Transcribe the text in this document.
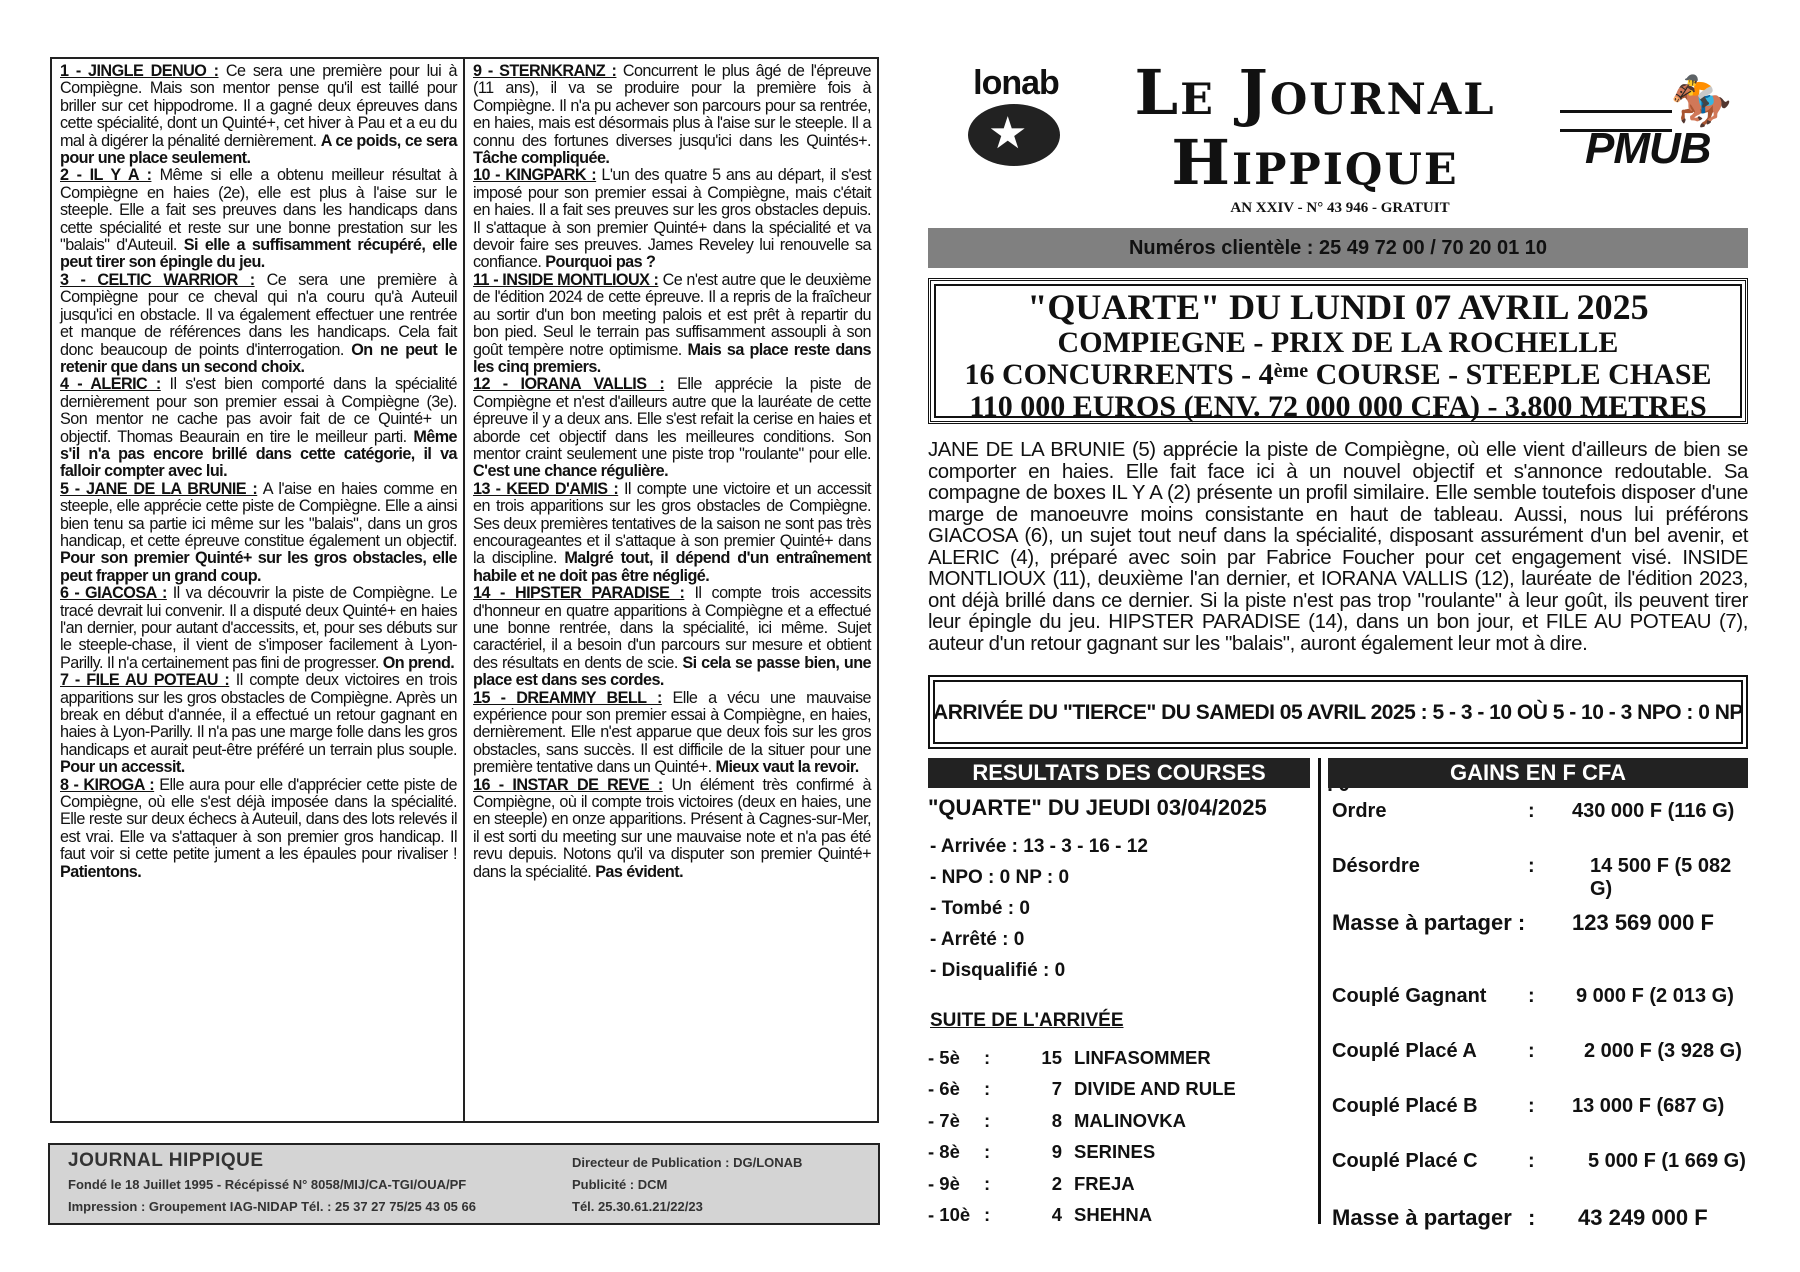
1 - JINGLE DENUO : Ce sera une première pour lui à Compiègne. Mais son mentor pense qu'il est taillé pour briller sur cet hippodrome. Il a gagné deux épreuves dans cette spécialité, dont un Quinté+, cet hiver à Pau et a eu du mal à digérer la pénalité dernièrement. A ce poids, ce sera pour une place seulement.

2 - IL Y A : Même si elle a obtenu meilleur résultat à Compiègne en haies (2e), elle est plus à l'aise sur le steeple. Elle a fait ses preuves dans les handicaps dans cette spécialité et reste sur une bonne prestation sur les "balais" d'Auteuil. Si elle a suffisamment récupéré, elle peut tirer son épingle du jeu.

3 - CELTIC WARRIOR : Ce sera une première à Compiègne pour ce cheval qui n'a couru qu'à Auteuil jusqu'ici en obstacle. Il va également effectuer une rentrée et manque de références dans les handicaps. Cela fait donc beaucoup de points d'interrogation. On ne peut le retenir que dans un second choix.

4 - ALERIC : Il s'est bien comporté dans la spécialité dernièrement pour son premier essai à Compiègne (3e). Son mentor ne cache pas avoir fait de ce Quinté+ un objectif. Thomas Beaurain en tire le meilleur parti. Même s'il n'a pas encore brillé dans cette catégorie, il va falloir compter avec lui.

5 - JANE DE LA BRUNIE : A l'aise en haies comme en steeple, elle apprécie cette piste de Compiègne. Elle a ainsi bien tenu sa partie ici même sur les "balais", dans un gros handicap, et cette épreuve constitue également un objectif. Pour son premier Quinté+ sur les gros obstacles, elle peut frapper un grand coup.

6 - GIACOSA : Il va découvrir la piste de Compiègne. Le tracé devrait lui convenir. Il a disputé deux Quinté+ en haies l'an dernier, pour autant d'accessits, et, pour ses débuts sur le steeple-chase, il vient de s'imposer facilement à Lyon-Parilly. Il n'a certainement pas fini de progresser. On prend.

7 - FILE AU POTEAU : Il compte deux victoires en trois apparitions sur les gros obstacles de Compiègne. Après un break en début d'année, il a effectué un retour gagnant en haies à Lyon-Parilly. Il n'a pas une marge folle dans les gros handicaps et aurait peut-être préféré un terrain plus souple. Pour un accessit.

8 - KIROGA : Elle aura pour elle d'apprécier cette piste de Compiègne, où elle s'est déjà imposée dans la spécialité. Elle reste sur deux échecs à Auteuil, dans des lots relevés il est vrai. Elle va s'attaquer à son premier gros handicap. Il faut voir si cette petite jument a les épaules pour rivaliser ! Patientons.

9 - STERNKRANZ : Concurrent le plus âgé de l'épreuve (11 ans), il va se produire pour la première fois à Compiègne. Il n'a pu achever son parcours pour sa rentrée, en haies, mais est désormais plus à l'aise sur le steeple. Il a connu des fortunes diverses jusqu'ici dans les Quintés+. Tâche compliquée.

10 - KINGPARK : L'un des quatre 5 ans au départ, il s'est imposé pour son premier essai à Compiègne, mais c'était en haies. Il a fait ses preuves sur les gros obstacles depuis. Il s'attaque à son premier Quinté+ dans la spécialité et va devoir faire ses preuves. James Reveley lui renouvelle sa confiance. Pourquoi pas ?

11 - INSIDE MONTLIOUX : Ce n'est autre que le deuxième de l'édition 2024 de cette épreuve. Il a repris de la fraîcheur au sortir d'un bon meeting palois et est prêt à repartir du bon pied. Seul le terrain pas suffisamment assoupli à son goût tempère notre optimisme. Mais sa place reste dans les cinq premiers.

12 - IORANA VALLIS : Elle apprécie la piste de Compiègne et n'est d'ailleurs autre que la lauréate de cette épreuve il y a deux ans. Elle s'est refait la cerise en haies et aborde cet objectif dans les meilleures conditions. Son mentor craint seulement une piste trop "roulante" pour elle. C'est une chance régulière.

13 - KEED D'AMIS : Il compte une victoire et un accessit en trois apparitions sur les gros obstacles de Compiègne. Ses deux premières tentatives de la saison ne sont pas très encourageantes et il s'attaque à son premier Quinté+ dans la discipline. Malgré tout, il dépend d'un entraînement habile et ne doit pas être négligé.

14 - HIPSTER PARADISE : Il compte trois accessits d'honneur en quatre apparitions à Compiègne et a effectué une bonne rentrée, dans la spécialité, ici même. Sujet caractériel, il a besoin d'un parcours sur mesure et obtient des résultats en dents de scie. Si cela se passe bien, une place est dans ses cordes.

15 - DREAMMY BELL : Elle a vécu une mauvaise expérience pour son premier essai à Compiègne, en haies, dernièrement. Elle n'est apparue que deux fois sur les gros obstacles, sans succès. Il est difficile de la situer pour une première tentative dans un Quinté+. Mieux vaut la revoir.

16 - INSTAR DE REVE : Un élément très confirmé à Compiègne, où il compte trois victoires (deux en haies, une en steeple) en onze apparitions. Présent à Cagnes-sur-Mer, il est sorti du meeting sur une mauvaise note et n'a pas été revu depuis. Notons qu'il va disputer son premier Quinté+ dans la spécialité. Pas évident.

JOURNAL HIPPIQUE
Fondé le 18 Juillet 1995 - Récépissé N° 8058/MIJ/CA-TGI/OUA/PF
Impression : Groupement IAG-NIDAP Tél. : 25 37 27 75/25 43 05 66
Directeur de Publication : DG/LONAB
Publicité : DCM
Tél. 25.30.61.21/22/23
lonab
★
Le Journal
Hippique
AN XXIV - N° 43 946 - GRATUIT
🏇
PMUB
Numéros clientèle : 25 49 72 00 / 70 20 01 10
"QUARTE" DU LUNDI 07 AVRIL 2025
COMPIEGNE - PRIX DE LA ROCHELLE
16 CONCURRENTS - 4ème COURSE - STEEPLE CHASE
110 000 EUROS (ENV. 72 000 000 CFA) - 3.800 METRES
JANE DE LA BRUNIE (5) apprécie la piste de Compiègne, où elle vient d'ailleurs de bien se comporter en haies. Elle fait face ici à un nouvel objectif et s'annonce redoutable. Sa compagne de boxes IL Y A (2) présente un profil similaire. Elle semble toutefois disposer d'une marge de manoeuvre moins consistante en haut de tableau. Aussi, nous lui préférons GIACOSA (6), un sujet tout neuf dans la spécialité, disposant assurément d'un bel avenir, et ALERIC (4), préparé avec soin par Fabrice Foucher pour cet engagement visé. INSIDE MONTLIOUX (11), deuxième l'an dernier, et IORANA VALLIS (12), lauréate de l'édition 2023, ont déjà brillé dans ce dernier. Si la piste n'est pas trop "roulante" à leur goût, ils peuvent tirer leur épingle du jeu. HIPSTER PARADISE (14), dans un bon jour, et FILE AU POTEAU (7), auteur d'un retour gagnant sur les "balais", auront également leur mot à dire.
ARRIVÉE DU "TIERCE" DU SAMEDI 05 AVRIL 2025 : 5 - 3 - 10 OÙ 5 - 10 - 3 NPO : 0 NP
RESULTATS DES COURSES	GAINS EN F CFA
"QUARTE" DU JEUDI 03/04/2025
- Arrivée : 13 - 3 - 16 - 12
- NPO : 0 NP : 0
- Tombé : 0
- Arrêté : 0
- Disqualifié : 0
SUITE DE L'ARRIVÉE
- 5è	:	15	LINFASOMMER
- 6è	:	7	DIVIDE AND RULE
- 7è	:	8	MALINOVKA
- 8è	:	9	SERINES
- 9è	:	2	FREJA
- 10è	:	4	SHEHNA
Ordre	: 430 000 F (116 G)
Désordre	:	14 500 F (5 082 G)
Masse à partager : 123 569 000 F
Couplé Gagnant : 9 000 F (2 013 G)
Couplé Placé A	: 2 000 F (3 928 G)
Couplé Placé B	: 13 000 F (687 G)
Couplé Placé C	:	5 000 F (1 669 G)
Masse à partager : 43 249 000 F
